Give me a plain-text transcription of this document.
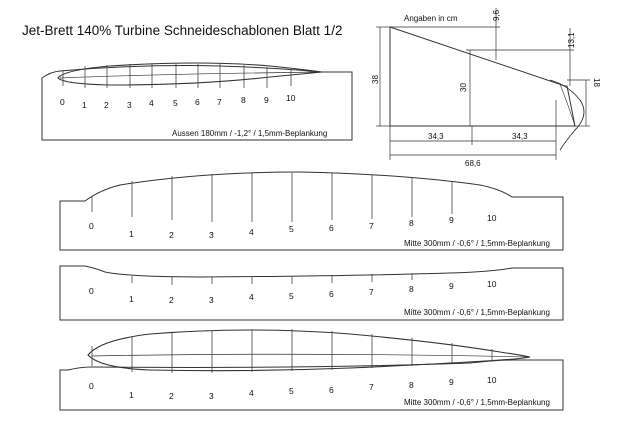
Jet-Brett 140% Turbine Schneideschablonen Blatt 1/2
0 1 2 3 4 5 6 7 8 9 10
Aussen 180mm / -1,2° / 1,5mm-Beplankung
Angaben in cm	9,6
13,1
38
30
18
34,3	34,3
68,6
0
1	2	3	4	5	6	7	8	9	10
Mitte 300mm / -0,6° / 1,5mm-Beplankung
0
1	2	3	4	5	6	7	8	9	10
Mitte 300mm / -0,6° / 1,5mm-Beplankung
0
1	2	3	4	5	6	7	8	9	10
Mitte 300mm / -0,6° / 1,5mm-Beplankung
